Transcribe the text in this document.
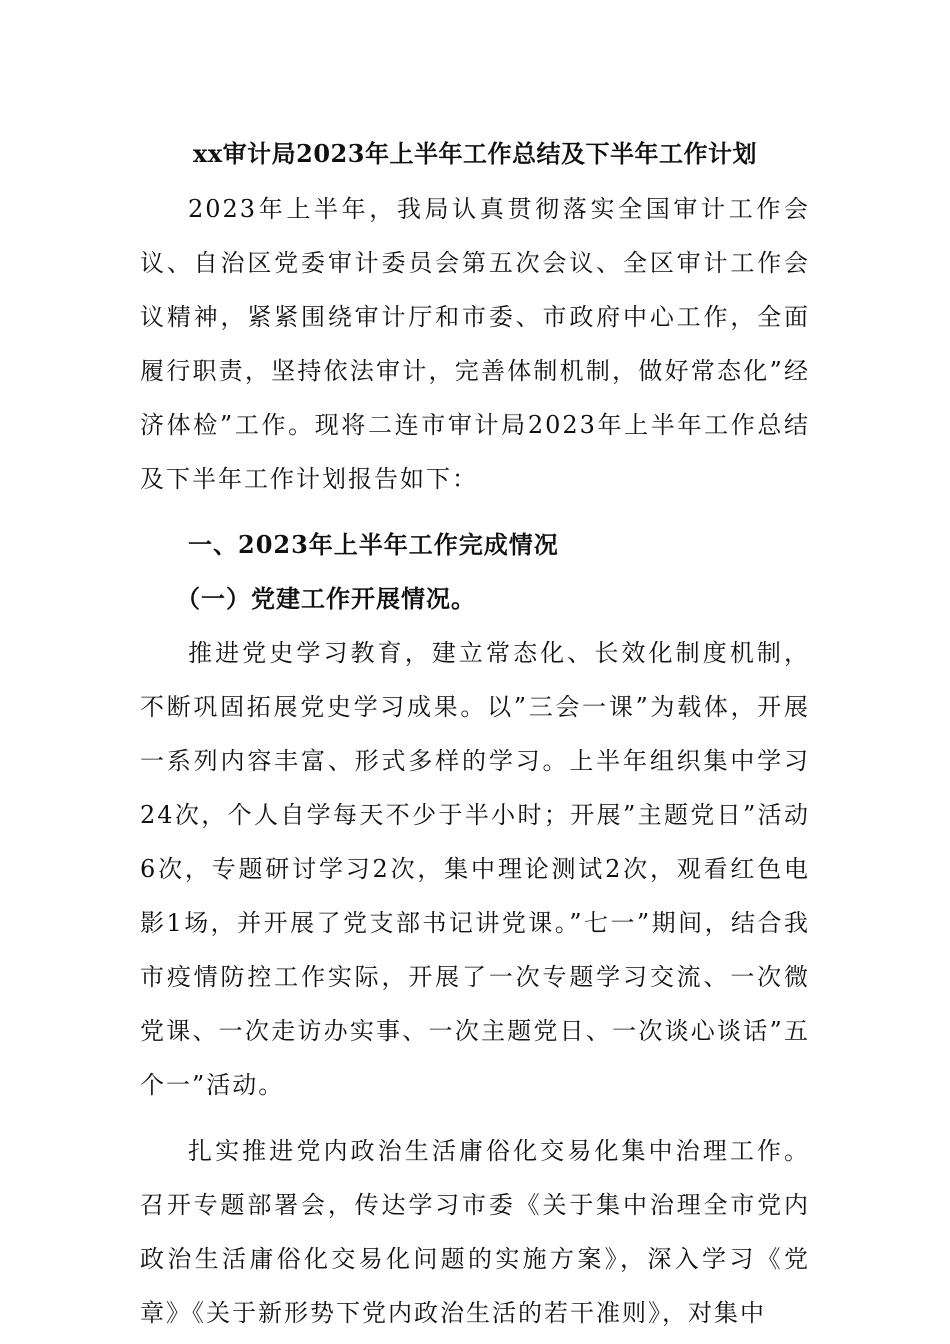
xx审计局2023年上半年工作总结及下半年工作计划

2023年上半年，我局认真贯彻落实全国审计工作会议、自治区党委审计委员会第五次会议、全区审计工作会议精神，紧紧围绕审计厅和市委、市政府中心工作，全面履行职责，坚持依法审计，完善体制机制，做好常态化”经济体检”工作。现将二连市审计局2023年上半年工作总结及下半年工作计划报告如下：

一、2023年上半年工作完成情况

（一）党建工作开展情况。

推进党史学习教育，建立常态化、长效化制度机制，不断巩固拓展党史学习成果。以”三会一课”为载体，开展一系列内容丰富、形式多样的学习。上半年组织集中学习24次，个人自学每天不少于半小时；开展”主题党日”活动6次，专题研讨学习2次，集中理论测试2次，观看红色电影1场，并开展了党支部书记讲党课。”七一”期间，结合我市疫情防控工作实际，开展了一次专题学习交流、一次微党课、一次走访办实事、一次主题党日、一次谈心谈话”五个一”活动。

扎实推进党内政治生活庸俗化交易化集中治理工作。召开专题部署会，传达学习市委《关于集中治理全市党内政治生活庸俗化交易化问题的实施方案》，深入学习《党章》《关于新形势下党内政治生活的若干准则》，对集中
